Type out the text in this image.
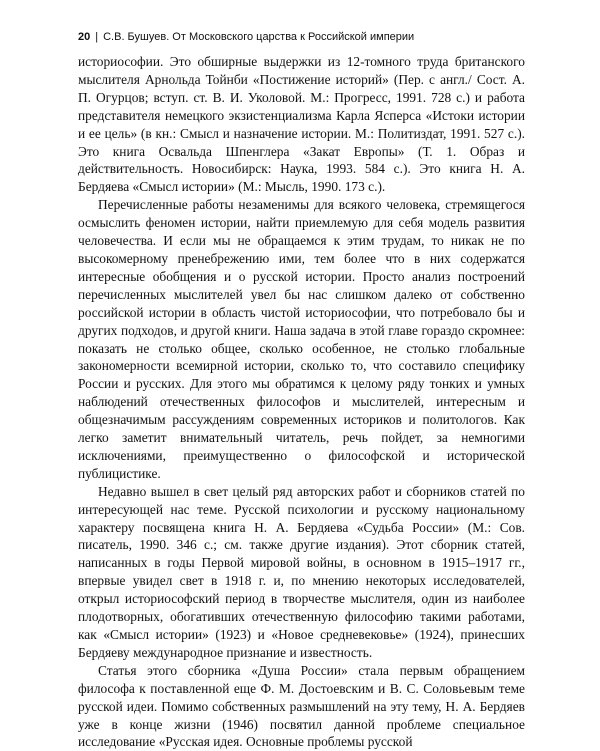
20 | С.В. Бушуев. От Московского царства к Российской империи

историософии. Это обширные выдержки из 12-томного труда британского мыслителя Арнольда Тойнби «Постижение историй» (Пер. с англ./ Сост. А. П. Огурцов; вступ. ст. В. И. Уколовой. М.: Прогресс, 1991. 728 с.) и работа представителя немецкого экзистенциализма Карла Ясперса «Истоки истории и ее цель» (в кн.: Смысл и назначение истории. М.: Политиздат, 1991. 527 с.). Это книга Освальда Шпенглера «Закат Европы» (Т. 1. Образ и действительность. Новосибирск: Наука, 1993. 584 с.). Это книга Н. А. Бердяева «Смысл истории» (М.: Мысль, 1990. 173 с.).

Перечисленные работы незаменимы для всякого человека, стремящегося осмыслить феномен истории, найти приемлемую для себя модель развития человечества. И если мы не обращаемся к этим трудам, то никак не по высокомерному пренебрежению ими, тем более что в них содержатся интересные обобщения и о русской истории. Просто анализ построений перечисленных мыслителей увел бы нас слишком далеко от собственно российской истории в область чистой историософии, что потребовало бы и других подходов, и другой книги. Наша задача в этой главе гораздо скромнее: показать не столько общее, сколько особенное, не столько глобальные закономерности всемирной истории, сколько то, что составило специфику России и русских. Для этого мы обратимся к целому ряду тонких и умных наблюдений отечественных философов и мыслителей, интересным и общезначимым рассуждениям современных историков и политологов. Как легко заметит внимательный читатель, речь пойдет, за немногими исключениями, преимущественно о философской и исторической публицистике.

Недавно вышел в свет целый ряд авторских работ и сборников статей по интересующей нас теме. Русской психологии и русскому национальному характеру посвящена книга Н. А. Бердяева «Судьба России» (М.: Сов. писатель, 1990. 346 с.; см. также другие издания). Этот сборник статей, написанных в годы Первой мировой войны, в основном в 1915–1917 гг., впервые увидел свет в 1918 г. и, по мнению некоторых исследователей, открыл историософский период в творчестве мыслителя, один из наиболее плодотворных, обогативших отечественную философию такими работами, как «Смысл истории» (1923) и «Новое средневековье» (1924), принесших Бердяеву международное признание и известность.

Статья этого сборника «Душа России» стала первым обращением философа к поставленной еще Ф. М. Достоевским и В. С. Соловьевым теме русской идеи. Помимо собственных размышлений на эту тему, Н. А. Бердяев уже в конце жизни (1946) посвятил данной проблеме специальное исследование «Русская идея. Основные проблемы русской
